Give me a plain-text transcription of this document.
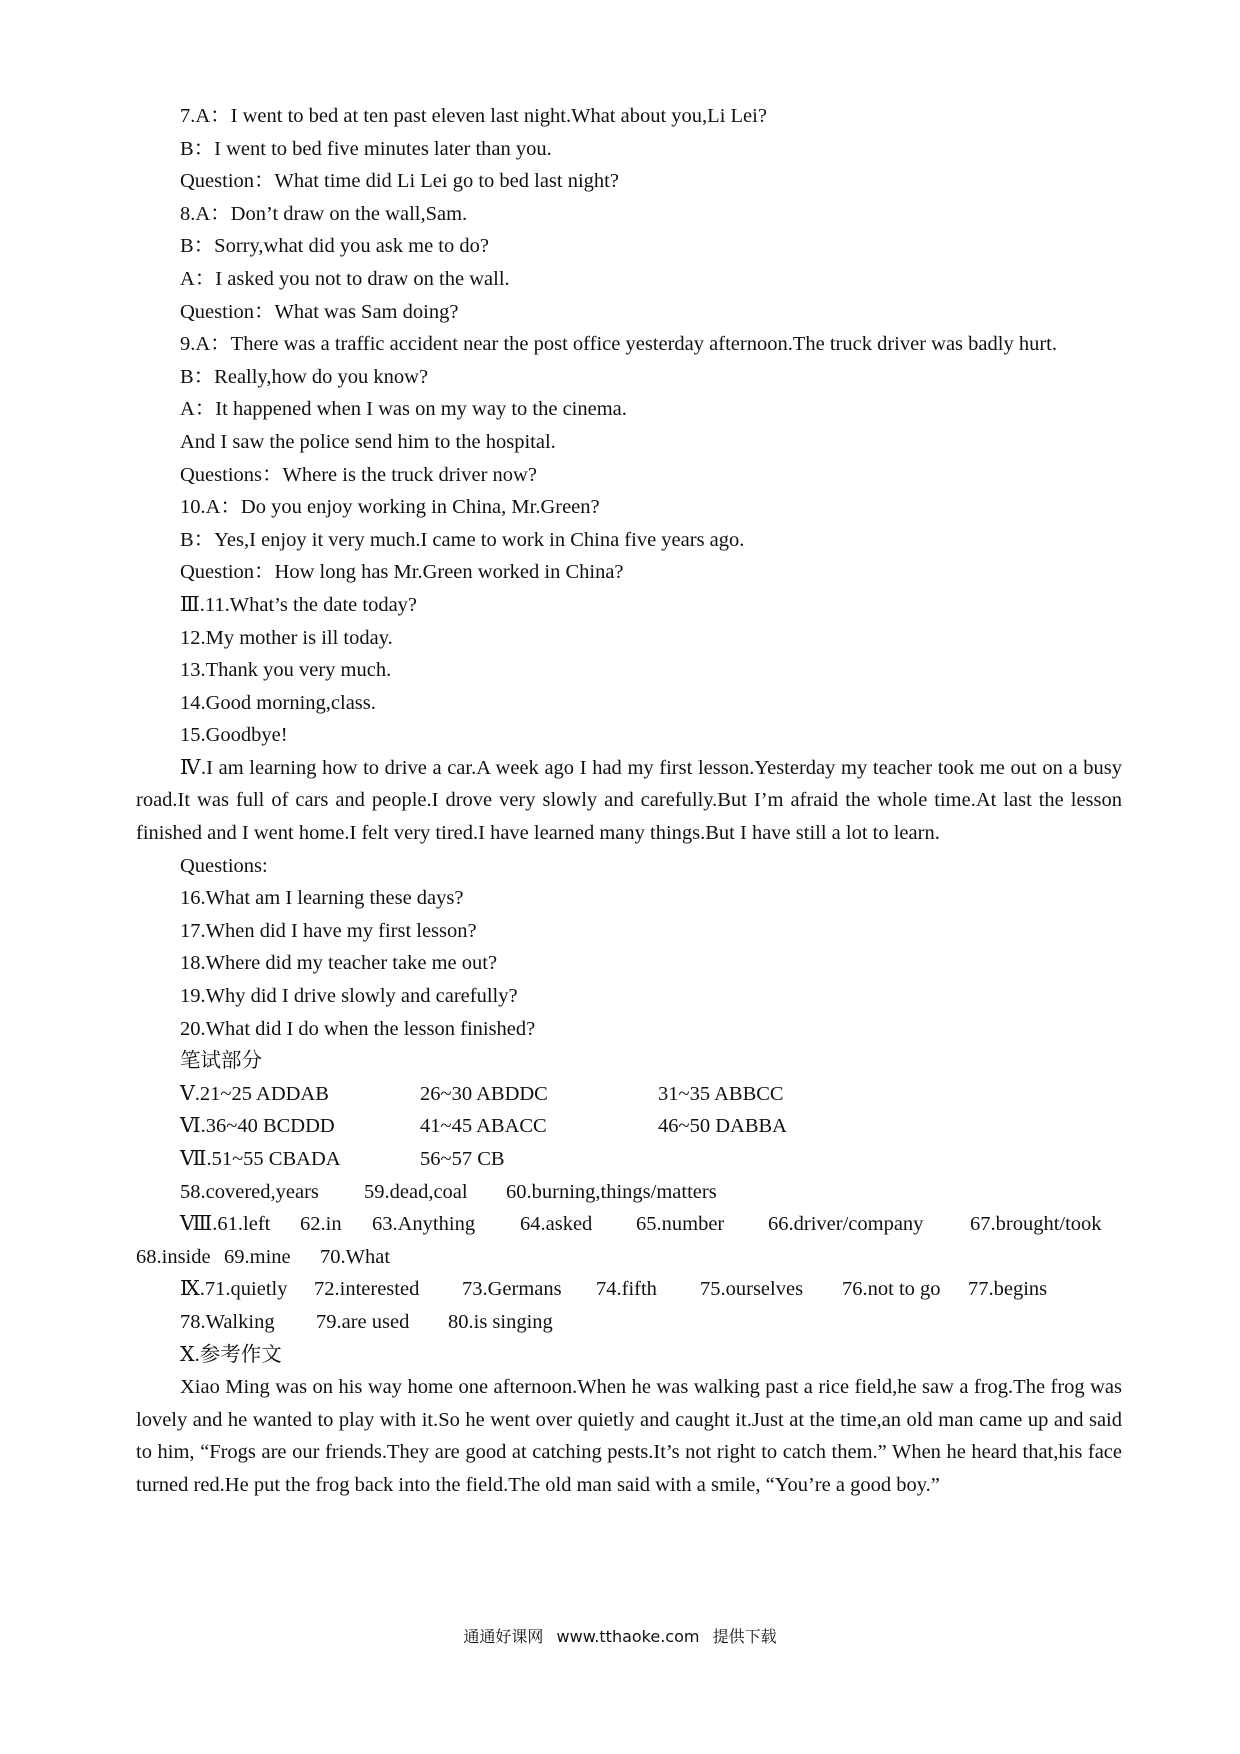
7.A：I went to bed at ten past eleven last night.What about you,Li Lei?
B：I went to bed five minutes later than you.
Question：What time did Li Lei go to bed last night?
8.A：Don’t draw on the wall,Sam.
B：Sorry,what did you ask me to do?
A：I asked you not to draw on the wall.
Question：What was Sam doing?
9.A：There was a traffic accident near the post office yesterday afternoon.The truck driver was badly hurt.
B：Really,how do you know?
A：It happened when I was on my way to the cinema.
And I saw the police send him to the hospital.
Questions：Where is the truck driver now?
10.A：Do you enjoy working in China, Mr.Green?
B：Yes,I enjoy it very much.I came to work in China five years ago.
Question：How long has Mr.Green worked in China?
Ⅲ.11.What’s the date today?
12.My mother is ill today.
13.Thank you very much.
14.Good morning,class.
15.Goodbye!
Ⅳ.I am learning how to drive a car.A week ago I had my first lesson.Yesterday my teacher took me out on a busy road.It was full of cars and people.I drove very slowly and carefully.But I’m afraid the whole time.At last the lesson finished and I went home.I felt very tired.I have learned many things.But I have still a lot to learn.
Questions:
16.What am I learning these days?
17.When did I have my first lesson?
18.Where did my teacher take me out?
19.Why did I drive slowly and carefully?
20.What did I do when the lesson finished?
笔试部分
Ⅴ.21~25 ADDAB	26~30 ABDDC	31~35 ABBCC
Ⅵ.36~40 BCDDD	41~45 ABACC	46~50 DABBA
Ⅶ.51~55 CBADA	56~57 CB
58.covered,years	59.dead,coal	60.burning,things/matters
Ⅷ.61.left	62.in	63.Anything	64.asked	65.number	66.driver/company	67.brought/took
68.inside 69.mine	70.What
Ⅸ.71.quietly	72.interested	73.Germans	74.fifth	75.ourselves	76.not to go	77.begins
78.Walking	79.are used	80.is singing
Ⅹ.参考作文
Xiao Ming was on his way home one afternoon.When he was walking past a rice field,he saw a frog.The frog was lovely and he wanted to play with it.So he went over quietly and caught it.Just at the time,an old man came up and said to him, “Frogs are our friends.They are good at catching pests.It’s not right to catch them.” When he heard that,his face turned red.He put the frog back into the field.The old man said with a smile, “You’re a good boy.”
通通好课网 www.tthaoke.com 提供下载
